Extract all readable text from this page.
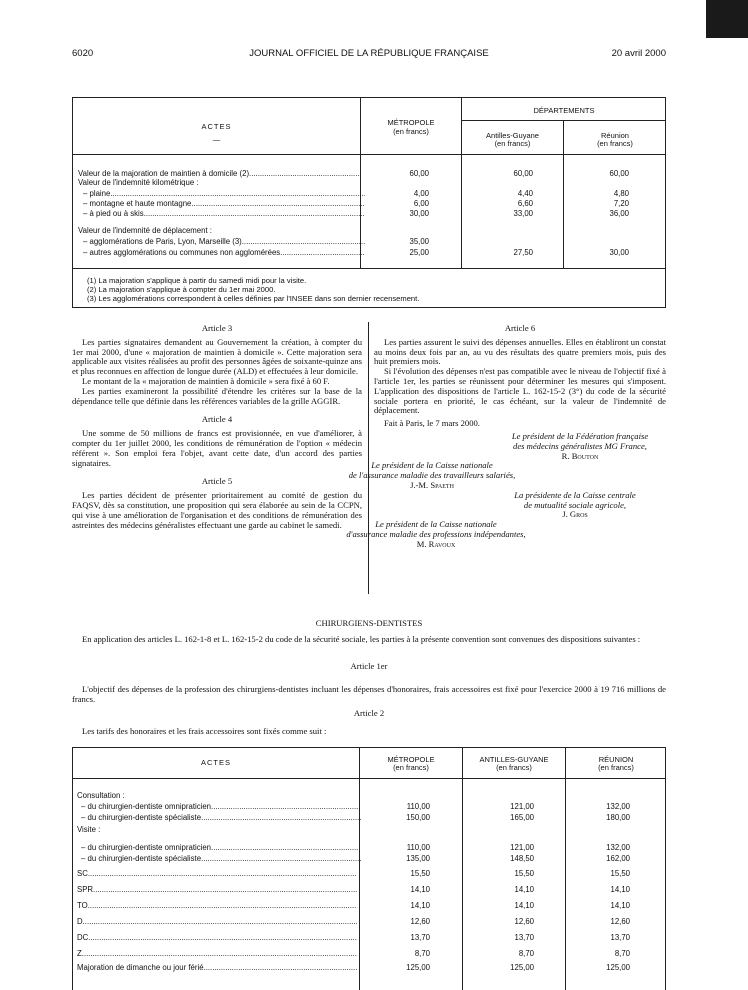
6020	JOURNAL OFFICIEL DE LA RÉPUBLIQUE FRANÇAISE	20 avril 2000
ACTES
—
MÉTROPOLE
(en francs)
DÉPARTEMENTS
Antilles-Guyane
(en francs)
Réunion
(en francs)
Valeur de la majoration de maintien à domicile (2) .....	60,00	60,00	60,00
Valeur de l'indemnité kilométrique :
– plaine .....	4,00	4,40	4,80
– montagne et haute montagne .....	6,00	6,60	7,20
– à pied ou à skis .....	30,00	33,00	36,00
Valeur de l'indemnité de déplacement :
– agglomérations de Paris, Lyon, Marseille (3) .....	35,00
– autres agglomérations ou communes non agglomérées .....	25,00	27,50	30,00
(1) La majoration s'applique à partir du samedi midi pour la visite.
(2) La majoration s'applique à compter du 1er mai 2000.
(3) Les agglomérations correspondent à celles définies par l'INSEE dans son dernier recensement.
Article 3

Les parties signataires demandent au Gouvernement la création, à compter du 1er mai 2000, d'une « majoration de maintien à domicile ». Cette majoration sera applicable aux visites réalisées au profit des personnes âgées de soixante-quinze ans et plus reconnues en affection de longue durée (ALD) et effectuées à leur domicile.

Le montant de la « majoration de maintien à domicile » sera fixé à 60 F.

Les parties examineront la possibilité d'étendre les critères sur la base de la dépendance telle que définie dans les références variables de la grille AGGIR.

Article 4

Une somme de 50 millions de francs est provisionnée, en vue d'améliorer, à compter du 1er juillet 2000, les conditions de rémunération de l'option « médecin référent ». Son emploi fera l'objet, avant cette date, d'un accord des parties signataires.

Article 5

Les parties décident de présenter prioritairement au comité de gestion du FAQSV, dès sa constitution, une proposition qui sera élaborée au sein de la CCPN, qui vise à une amélioration de l'organisation et des conditions de rémunération des astreintes des médecins généralistes effectuant une garde au cabinet le samedi.

Article 6

Les parties assurent le suivi des dépenses annuelles. Elles en établiront un constat au moins deux fois par an, au vu des résultats des quatre premiers mois, puis des huit premiers mois.

Si l'évolution des dépenses n'est pas compatible avec le niveau de l'objectif fixé à l'article 1er, les parties se réunissent pour déterminer les mesures qui s'imposent. L'application des dispositions de l'article L. 162-15-2 (3°) du code de la sécurité sociale portera en priorité, le cas échéant, sur la valeur de l'indemnité de déplacement.

Fait à Paris, le 7 mars 2000.

Le président de la Fédération française
des médecins généralistes MG France,
R. Bouton
Le président de la Caisse nationale
de l'assurance maladie des travailleurs salariés,
J.-M. Spaeth
La présidente de la Caisse centrale
de mutualité sociale agricole,
J. Gros
Le président de la Caisse nationale
d'assurance maladie des professions indépendantes,
M. Ravoux
CHIRURGIENS-DENTISTES
En application des articles L. 162-1-8 et L. 162-15-2 du code de la sécurité sociale, les parties à la présente convention sont convenues des dispositions suivantes :
Article 1er
L'objectif des dépenses de la profession des chirurgiens-dentistes incluant les dépenses d'honoraires, frais accessoires est fixé pour l'exercice 2000 à 19 716 millions de francs.
Article 2
Les tarifs des honoraires et les frais accessoires sont fixés comme suit :
ACTES	MÉTROPOLE
(en francs)
ANTILLES-GUYANE
(en francs)
RÉUNION
(en francs)
Consultation :
– du chirurgien-dentiste omnipraticien .....	110,00	121,00	132,00
– du chirurgien-dentiste spécialiste .....	150,00	165,00	180,00
Visite :
– du chirurgien-dentiste omnipraticien .....	110,00	121,00	132,00
– du chirurgien-dentiste spécialiste .....	135,00	148,50	162,00
SC .....	15,50	15,50	15,50
SPR .....	14,10	14,10	14,10
TO .....	14,10	14,10	14,10
D .....	12,60	12,60	12,60
DC .....	13,70	13,70	13,70
Z .....	8,70	8,70	8,70
Majoration de dimanche ou jour férié .....	125,00	125,00	125,00
